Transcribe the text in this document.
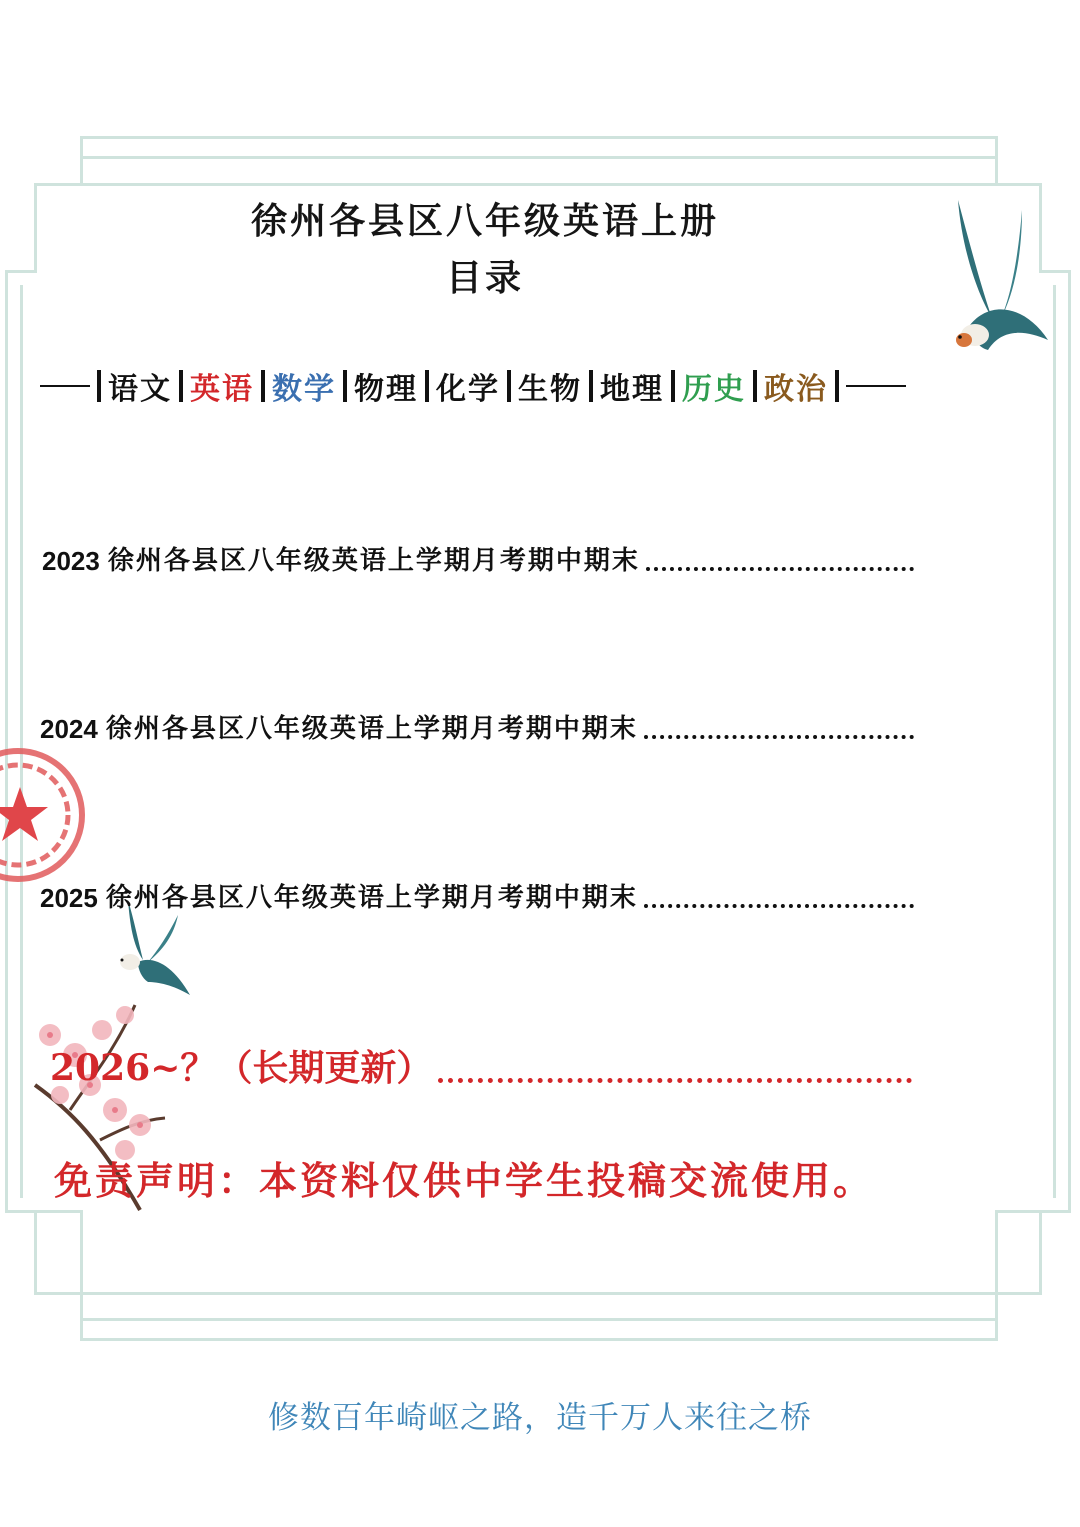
徐州各县区八年级英语上册
目录
语文 英语 数学 物理 化学 生物 地理 历史 政治
2023 徐州各县区八年级英语上学期月考期中期末
2024 徐州各县区八年级英语上学期月考期中期末
2025 徐州各县区八年级英语上学期月考期中期末
2026~？（长期更新）
免责声明：本资料仅供中学生投稿交流使用。
修数百年崎岖之路，造千万人来往之桥
